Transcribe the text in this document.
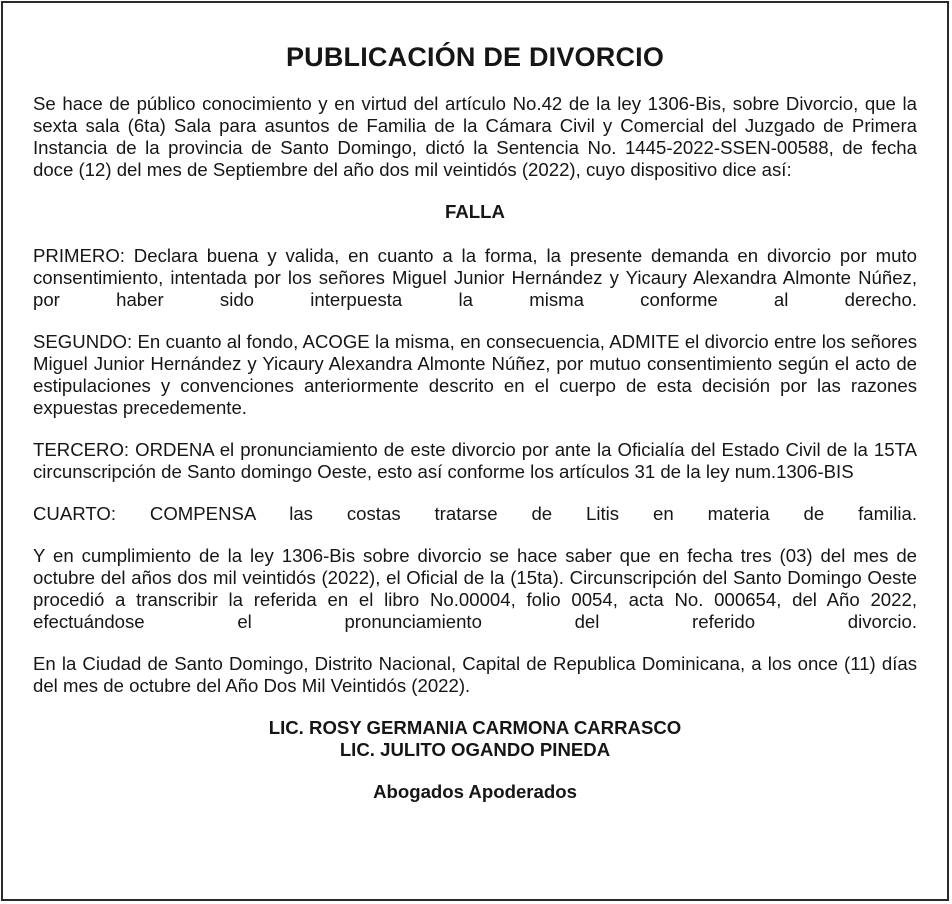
PUBLICACIÓN DE DIVORCIO

Se hace de público conocimiento y en virtud del artículo No.42 de la ley 1306-Bis, sobre Divorcio, que la sexta sala (6ta) Sala para asuntos de Familia de la Cámara Civil y Comercial del Juzgado de Primera Instancia de la provincia de Santo Domingo, dictó la Sentencia No. 1445-2022-SSEN-00588, de fecha doce (12) del mes de Septiembre del año dos mil veintidós (2022), cuyo dispositivo dice así:

FALLA

PRIMERO: Declara buena y valida, en cuanto a la forma, la presente demanda en divorcio por muto consentimiento, intentada por los señores Miguel Junior Hernández y Yicaury Alexandra Almonte Núñez, por haber sido interpuesta la misma conforme al derecho.

SEGUNDO: En cuanto al fondo, ACOGE la misma, en consecuencia, ADMITE el divorcio entre los señores Miguel Junior Hernández y Yicaury Alexandra Almonte Núñez, por mutuo consentimiento según el acto de estipulaciones y convenciones anteriormente descrito en el cuerpo de esta decisión por las razones expuestas precedemente.

TERCERO: ORDENA el pronunciamiento de este divorcio por ante la Oficialía del Estado Civil de la 15TA circunscripción de Santo domingo Oeste, esto así conforme los artículos 31 de la ley num.1306-BIS

CUARTO: COMPENSA las costas tratarse de Litis en materia de familia.

Y en cumplimiento de la ley 1306-Bis sobre divorcio se hace saber que en fecha tres (03) del mes de octubre del años dos mil veintidós (2022), el Oficial de la (15ta). Circunscripción del Santo Domingo Oeste procedió a transcribir la referida en el libro No.00004, folio 0054, acta No. 000654, del Año 2022, efectuándose el pronunciamiento del referido divorcio.

En la Ciudad de Santo Domingo, Distrito Nacional, Capital de Republica Dominicana, a los once (11) días del mes de octubre del Año Dos Mil Veintidós (2022).

LIC. ROSY GERMANIA CARMONA CARRASCO
LIC. JULITO OGANDO PINEDA
Abogados Apoderados
